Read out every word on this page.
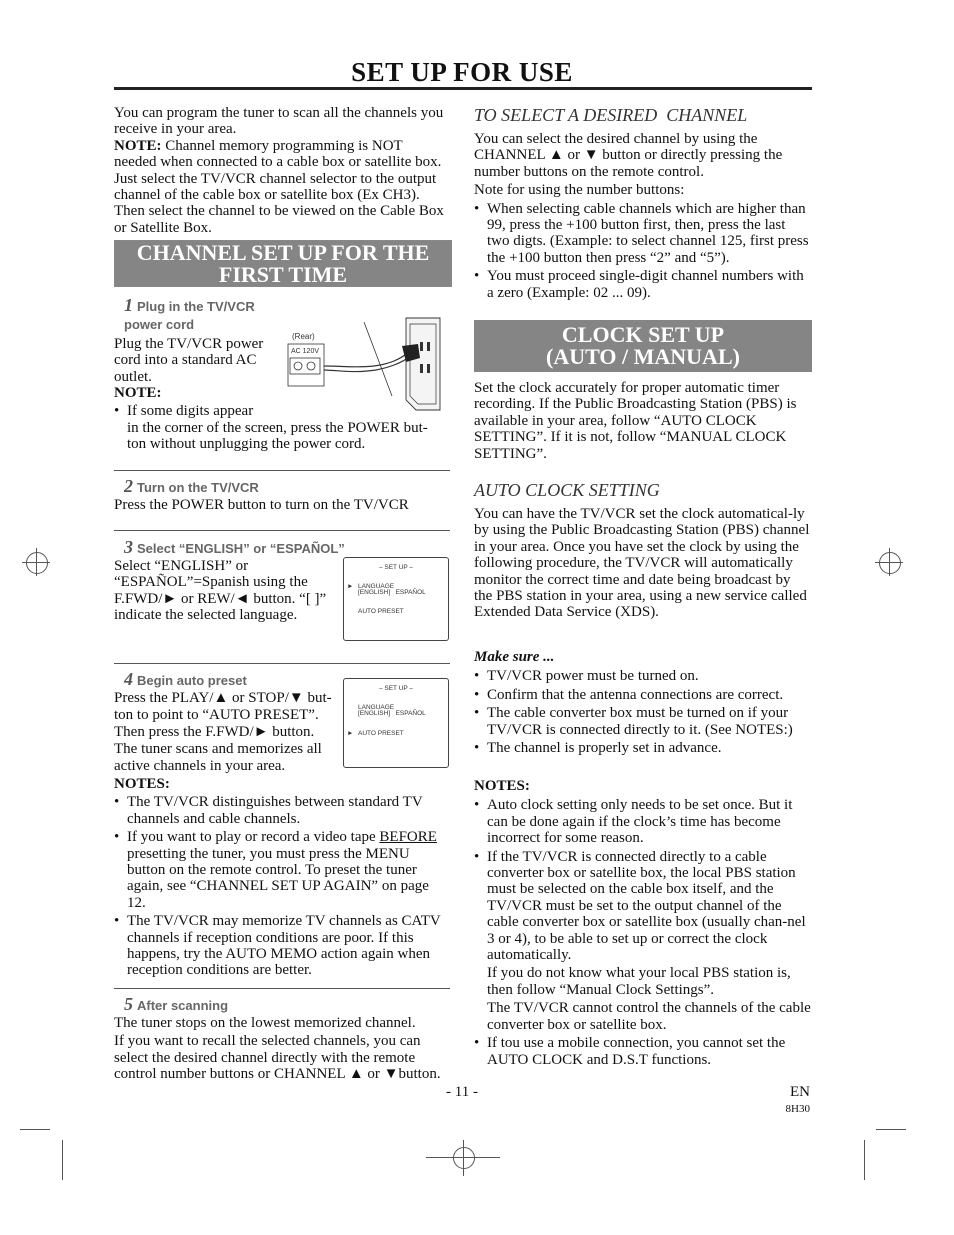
SET UP FOR USE
You can program the tuner to scan all the channels you receive in your area.
NOTE: Channel memory programming is NOT needed when connected to a cable box or satellite box. Just select the TV/VCR channel selector to the output channel of the cable box or satellite box (Ex CH3). Then select the channel to be viewed on the Cable Box or Satellite Box.
CHANNEL SET UP FOR THE
FIRST TIME
1 Plug in the TV/VCR
power cord
Plug the TV/VCR power cord into a standard AC outlet.
(Rear)
AC 120V
NOTE:
• If some digits appear
in the corner of the screen, press the POWER but-
ton without unplugging the power cord.
2 Turn on the TV/VCR
Press the POWER button to turn on the TV/VCR
3 Select “ENGLISH” or “ESPAÑOL”
Select “ENGLISH” or
“ESPAÑOL”=Spanish using the
F.FWD/► or REW/◄ button. “[ ]”
indicate the selected language.
– SET UP –
► LANGUAGE
[ENGLISH]   ESPAÑOL
AUTO PRESET
4 Begin auto preset
Press the PLAY/▲ or STOP/▼ but-
ton to point to “AUTO PRESET”.
Then press the F.FWD/► button.
The tuner scans and memorizes all
active channels in your area.
– SET UP –
LANGUAGE
[ENGLISH]   ESPAÑOL
► AUTO PRESET
NOTES:
• The TV/VCR distinguishes between standard TV channels and cable channels.
• If you want to play or record a video tape BEFORE presetting the tuner, you must press the MENU button on the remote control. To preset the tuner again, see “CHANNEL SET UP AGAIN” on page 12.
• The TV/VCR may memorize TV channels as CATV channels if reception conditions are poor. If this happens, try the AUTO MEMO action again when reception conditions are better.
5 After scanning
The tuner stops on the lowest memorized channel.
If you want to recall the selected channels, you can select the desired channel directly with the remote control number buttons or CHANNEL ▲ or ▼button.
TO SELECT A DESIRED  CHANNEL
You can select the desired channel by using the CHANNEL ▲ or ▼ button or directly pressing the number buttons on the remote control.
Note for using the number buttons:
• When selecting cable channels which are higher than 99, press the +100 button first, then, press the last two digts. (Example: to select channel 125, first press the +100 button then press “2” and “5”).
• You must proceed single-digit channel numbers with a zero (Example: 02 ... 09).
CLOCK SET UP
(AUTO / MANUAL)
Set the clock accurately for proper automatic timer recording. If the Public Broadcasting Station (PBS) is available in your area, follow “AUTO CLOCK SETTING”. If it is not, follow “MANUAL CLOCK SETTING”.
AUTO CLOCK SETTING
You can have the TV/VCR set the clock automatical-ly by using the Public Broadcasting Station (PBS) channel in your area. Once you have set the clock by using the following procedure, the TV/VCR will automatically monitor the correct time and date being broadcast by the PBS station in your area, using a new service called Extended Data Service (XDS).
Make sure ...
• TV/VCR power must be turned on.
• Confirm that the antenna connections are correct.
• The cable converter box must be turned on if your TV/VCR is connected directly to it. (See NOTES:)
• The channel is properly set in advance.
NOTES:
• Auto clock setting only needs to be set once. But it can be done again if the clock’s time has become incorrect for some reason.
• If the TV/VCR is connected directly to a cable converter box or satellite box, the local PBS station must be selected on the cable box itself, and the TV/VCR must be set to the output channel of the cable converter box or satellite box (usually chan-nel 3 or 4), to be able to set up or correct the clock automatically.
If you do not know what your local PBS station is, then follow “Manual Clock Settings”.
The TV/VCR cannot control the channels of the cable converter box or satellite box.
• If tou use a mobile connection, you cannot set the AUTO CLOCK and D.S.T functions.
- 11 -	EN
8H30
